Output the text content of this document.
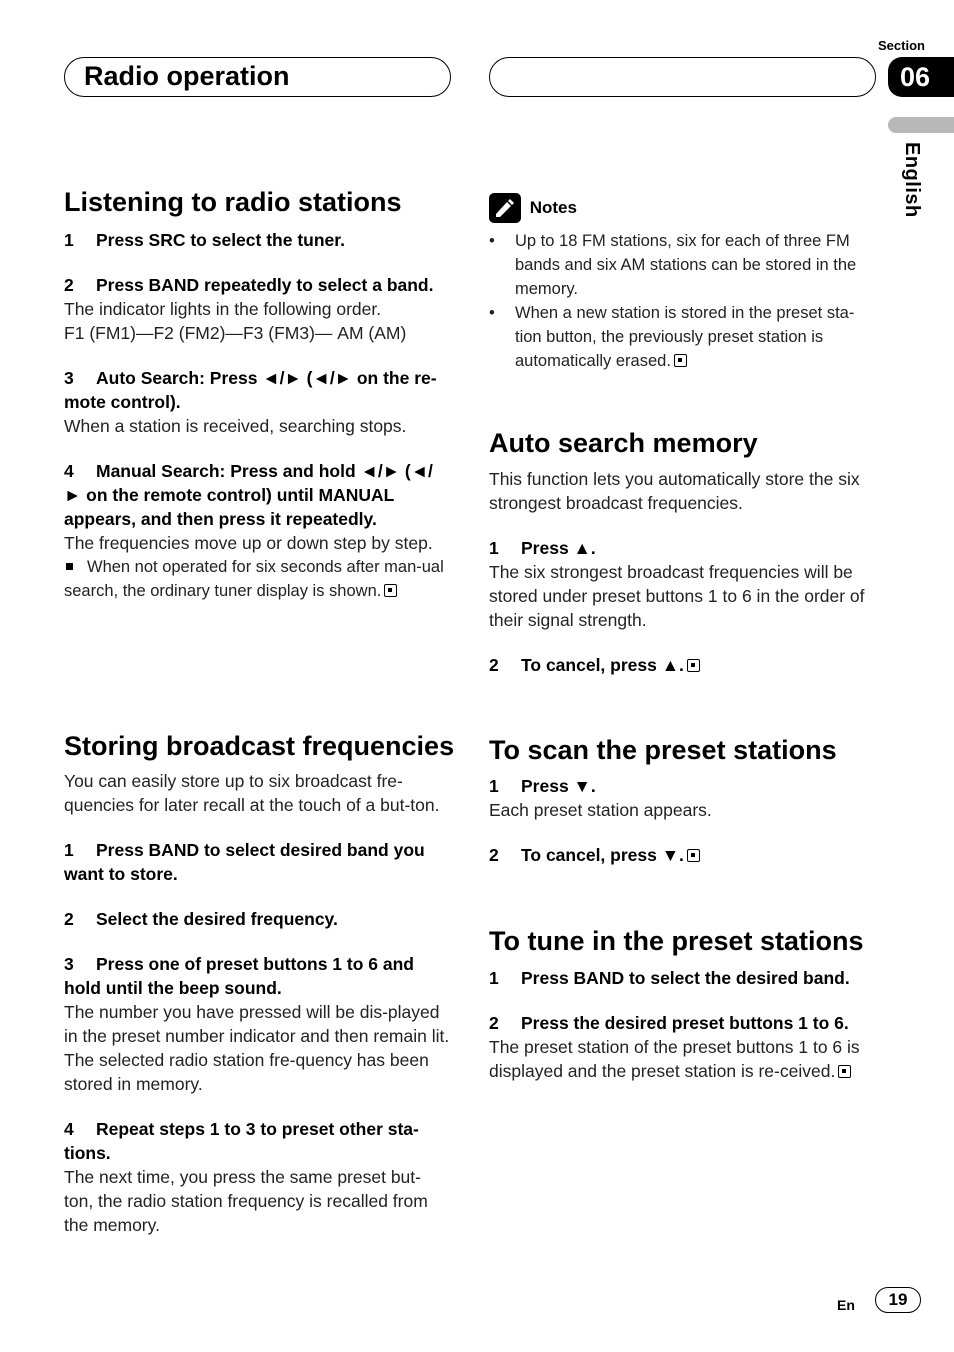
Radio operation
Section
06
English
Listening to radio stations

1 Press SRC to select the tuner.

2 Press BAND repeatedly to select a band.

The indicator lights in the following order.

F1 (FM1)—F2 (FM2)—F3 (FM3)— AM (AM)

3 Auto Search: Press ◄/► (◄/► on the re-mote control).

When a station is received, searching stops.

4 Manual Search: Press and hold ◄/► (◄/► on the remote control) until MANUAL appears, and then press it repeatedly.

The frequencies move up or down step by step.

When not operated for six seconds after man-ual search, the ordinary tuner display is shown.

Storing broadcast frequencies

You can easily store up to six broadcast fre-quencies for later recall at the touch of a but-ton.

1 Press BAND to select desired band you want to store.

2 Select the desired frequency.

3 Press one of preset buttons 1 to 6 and hold until the beep sound.

The number you have pressed will be dis-played in the preset number indicator and then remain lit. The selected radio station fre-quency has been stored in memory.

4 Repeat steps 1 to 3 to preset other sta-tions.

The next time, you press the same preset but-ton, the radio station frequency is recalled from the memory.

Notes
• Up to 18 FM stations, six for each of three FM bands and six AM stations can be stored in the memory.
• When a new station is stored in the preset sta-tion button, the previously preset station is automatically erased.
Auto search memory

This function lets you automatically store the six strongest broadcast frequencies.

1 Press ▲.

The six strongest broadcast frequencies will be stored under preset buttons 1 to 6 in the order of their signal strength.

2 To cancel, press ▲.

To scan the preset stations

1 Press ▼.

Each preset station appears.

2 To cancel, press ▼.

To tune in the preset stations

1 Press BAND to select the desired band.

2 Press the desired preset buttons 1 to 6.

The preset station of the preset buttons 1 to 6 is displayed and the preset station is re-ceived.

En	19
